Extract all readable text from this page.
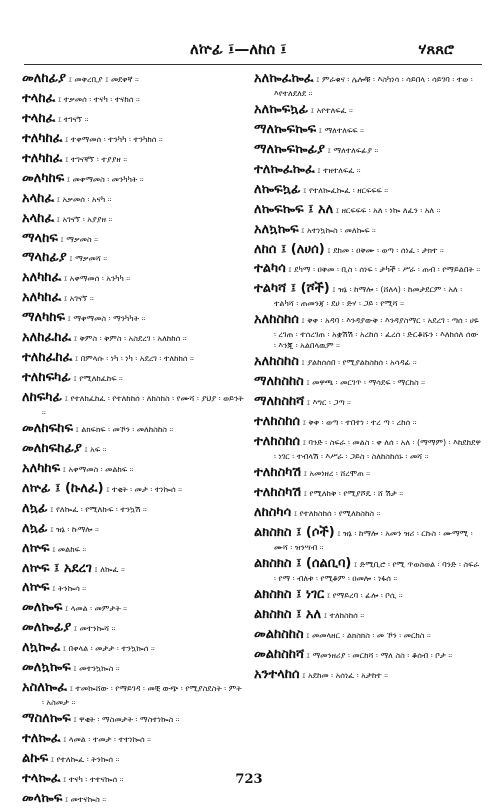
ለኵፊ ፤—ለከሰ ፤	ሃጸጸሮ
መለከፊያ ፤ መቅረቢያ ፤ መደቀኛ ።
ተላከፈ ፤ ተቃመሰ ፡ ተናካ ፡ ተናከሰ ።
ተላከፈ ፤ ተገናኘ ።
ተለካከፈ ፤ ተቀማመሰ ፡ ተንካካ ፡ ተንካከሰ ።
ተለካከፈ ፤ ተገናኛኘ ፡ ተያያዘ ።
መለካከፍ ፤ መቀማመስ ፡ መንካካት ።
አላከፈ ፤ አቃመሰ ፡ አናካ ።
አላከፈ ፤ አገናኘ ፡ አያያዘ ።
ማላከፍ ፤ ማቃመስ ።
ማላከፊያ ፤ ማቃመሻ ።
አለካከፈ ፤ አቀማመሰ ፡ አንካካ ።
አለካከፈ ፤ አገናኘ ።
ማለካከፍ ፤ ማቀማመስ ፡ ማንካካት ።
አለከፈከፈ ፤ ቅምስ ፡ ቅምስ ፡ አስደረገ ፡ አለከከሰ ።
ተለከፈከፈ ፤ በምላሱ ፡ ነካ ፡ ነካ ፡ አደረገ ፡ ተለከከሰ ።
ተለከፍካፊ ፤ የሚለከፈከፍ ።
ለከፍካፊ ፤ የተለከፈከፈ ፡ የተለከከሰ ፡ ለከስከስ ፡ የሙሻ ፡ ያህያ ፡ ወይንት ።
መለከፍከፍ ፤ ልክፍክፍ ፡ መኾን ፡ መለከስከስ ።
መለከፍከፊያ ፤ አፍ ።
አለካከፍ ፤ አቀማመስ ፡ መልከፍ ።
ለኵፊ ፤ (ኩለፈ) ፤ ተቂት ፡ መታ ፡ ተነኰሰ ።
ለኳፊ ፤ የለኰፈ ፡ የሚለኩፍ ፡ ተንኳሽ ።
ለኳፊ ፤ ዝኔ ፡ ኩማሎ ።
ለኵፍ ፤ መልከፍ ።
ለኵፍ ፤ አደረገ ፤ ለኰፈ ።
ለኵፍ ፤ ትንኰሳ ።
መለኰፍ ፤ ላመል ፡ መምታት ።
መለኰፊያ ፤ መተንኰሻ ።
ለኳኰፈ ፤ በቀላል ፡ መታታ ፡ ተንኳኰሰ ።
መለኳኰፍ ፤ መተንኳኰስ ።
አስለኰፈ ፤ ተመኰሸው ፡ የማይገዳ ፡ መቺ ውጭ ፡ የሚያስደስት ፡ ምት ፡ አስመታ ።
ማስለኰፍ ፤ ዋቂት ፡ ማስመታት ፡ ማስተነኰስ ።
ተለኰፈ ፤ ላመል ፡ ተመታ ፡ ተተነኰሰ ።
ልኩፍ ፤ የተለኰፈ ፡ ትንኰሰ ።
ተላኰፈ ፤ ተናካ ፡ ተተናኰሰ ።
መላኰፍ ፤ መተናኰስ ።
አለኰፈኰፈ ፤ ምራቁና ፡ ሌሎቹ ፡ እስካነሳ ፡ ሳይበላ ፡ ሳይገባ ፡ ተወ ፡ እየተለደለደ ።
አለኰፍኳፊ ፤ አየተለፍፈ ።
ማለኰፍኰፍ ፤ ማለተለፍፍ ።
ማለኰፍኰፊያ ፤ ማለተለፍፊያ ።
ተለኰፈኰፈ ፤ ተዘተለፍፈ ።
ለኰፍኳፊ ፤ የተለኰፈኰፈ ፡ ዘርፍፍፍ ።
ለኰፍኰፍ ፤ አለ ፤ ዘርፍፍፍ ፡ አለ ፡ ነኰ ለፈን ፡ አለ ።
አለኳኰፍ ፤ አተነኳኰስ ፡ መለኰፍ ።
ለከሰ ፤ (ለሀሰ) ፤ ደከመ ፡ ዐቅሙ ፡ ወጣ ፡ ሰነፈ ፡ ታክተ ።
ተልካሳ ፤ ደካማ ፡ ዐቅመ ፡ ቢስ ፡ ሰነፍ ፡ ታካች ፡ ሥራ ፡ ጠብ ፡ የማይልበት ።
ተልካሻ ፤ (ሾች) ፤ ዝኔ ፡ ከማሎ ፡ (ሸለላ) ፡ ከመታደርም ፡ አለ ፡ ተልካሻ ፡ ጠመንጃ ፡ ደሀ ፡ ድሃ ፡ ጋይ ፡ የሚሻ ።
አለከስከሰ ፤ ቅቀ ፡ አዳባ ፡ እንዳያውቅ ፡ እንዳያስማር ፡ አደረገ ፡ ጣሰ ፡ ሀዬ ፡ ረገጠ ፡ ተሰረገጠ ፡ አቋሽሽ ፡ አረከሰ ፡ ፈረሰ ፡ ድርቆሹን ፡ እለከሰለ ሰው ፡ እንጂ ፡ አልበላዉም ።
አለከስከስ ፤ ያልከሰሰበ ፡ የሚያልከስከሰ ፡ አሳዳፊ ።
ማለከስከስ ፤ መዋጫ ፡ መርገጥ ፡ ማሳደፍ ፡ ማርከስ ።
ማለከስከሻ ፤ እግር ፡ ጋጣ ።
ተለከስከሰ ፤ ቅቀ ፡ ወጣ ፡ ተበተነ ፡ ተረ ጣ ፡ ረከሰ ።
ተለከስከሰ ፤ ባንድ ፡ ስፍራ ፡ መልስ ፡ ቀ ለሰ ፡ አለ ፡ (ማማም) ፡ እከደከደዋ ፡ ነገር ፡ ተብላሽ ፡ እሥራ ፡ ጋይስ ፡ ስለከስከሰኑ ፡ መሻ ።
ተለከስካሽ ፤ አመነዘረ ፡ ሸረሞጠ ።
ተለከስካሽ ፤ የሚለከቅ ፡ የሚያሾዴ ፡ ሸ ሽታ ።
ለከስካሳ ፤ የተለከስከሰ ፡ የሚለከስከስ ።
ልክስክስ ፤ (ሶች) ፤ ዝኔ ፡ ከማሎ ፡ አመን ዝሪ ፡ ርኩስ ፡ ሙማሚ ፡ ሙሻ ፡ ዝንሣብ ።
ልክስክስ ፤ (ሰልቢባ) ፤ ድሚቢሮ ፡ የሚ ጥወስወል ፡ ባንድ ፡ ስፍራ ፡ የማ ፡ ብለቱ ፡ የሚቆም ፡ ዐመሎ ፡ ነፋሰ ።
ልክስክስ ፤ ነገር ፤ የማይረባ ፡ ፊሎ ፡ ቦሲ ።
ልክስክስ ፤ አለ ፤ ተለከስከሰ ።
መልከስከስ ፤ መመላዘር ፡ ልክስክስ ፡ መ ኾን ፡ መርከስ ።
መልከስከሻ ፤ ማመንዘሪያ ፡ መርከሻ ፡ ማለ ስስ ፡ ቆሰብ ፡ ቦታ ።
አንተላከሰ ፤ አደከመ ፡ አሰነፈ ፡ አታከተ ።
723
